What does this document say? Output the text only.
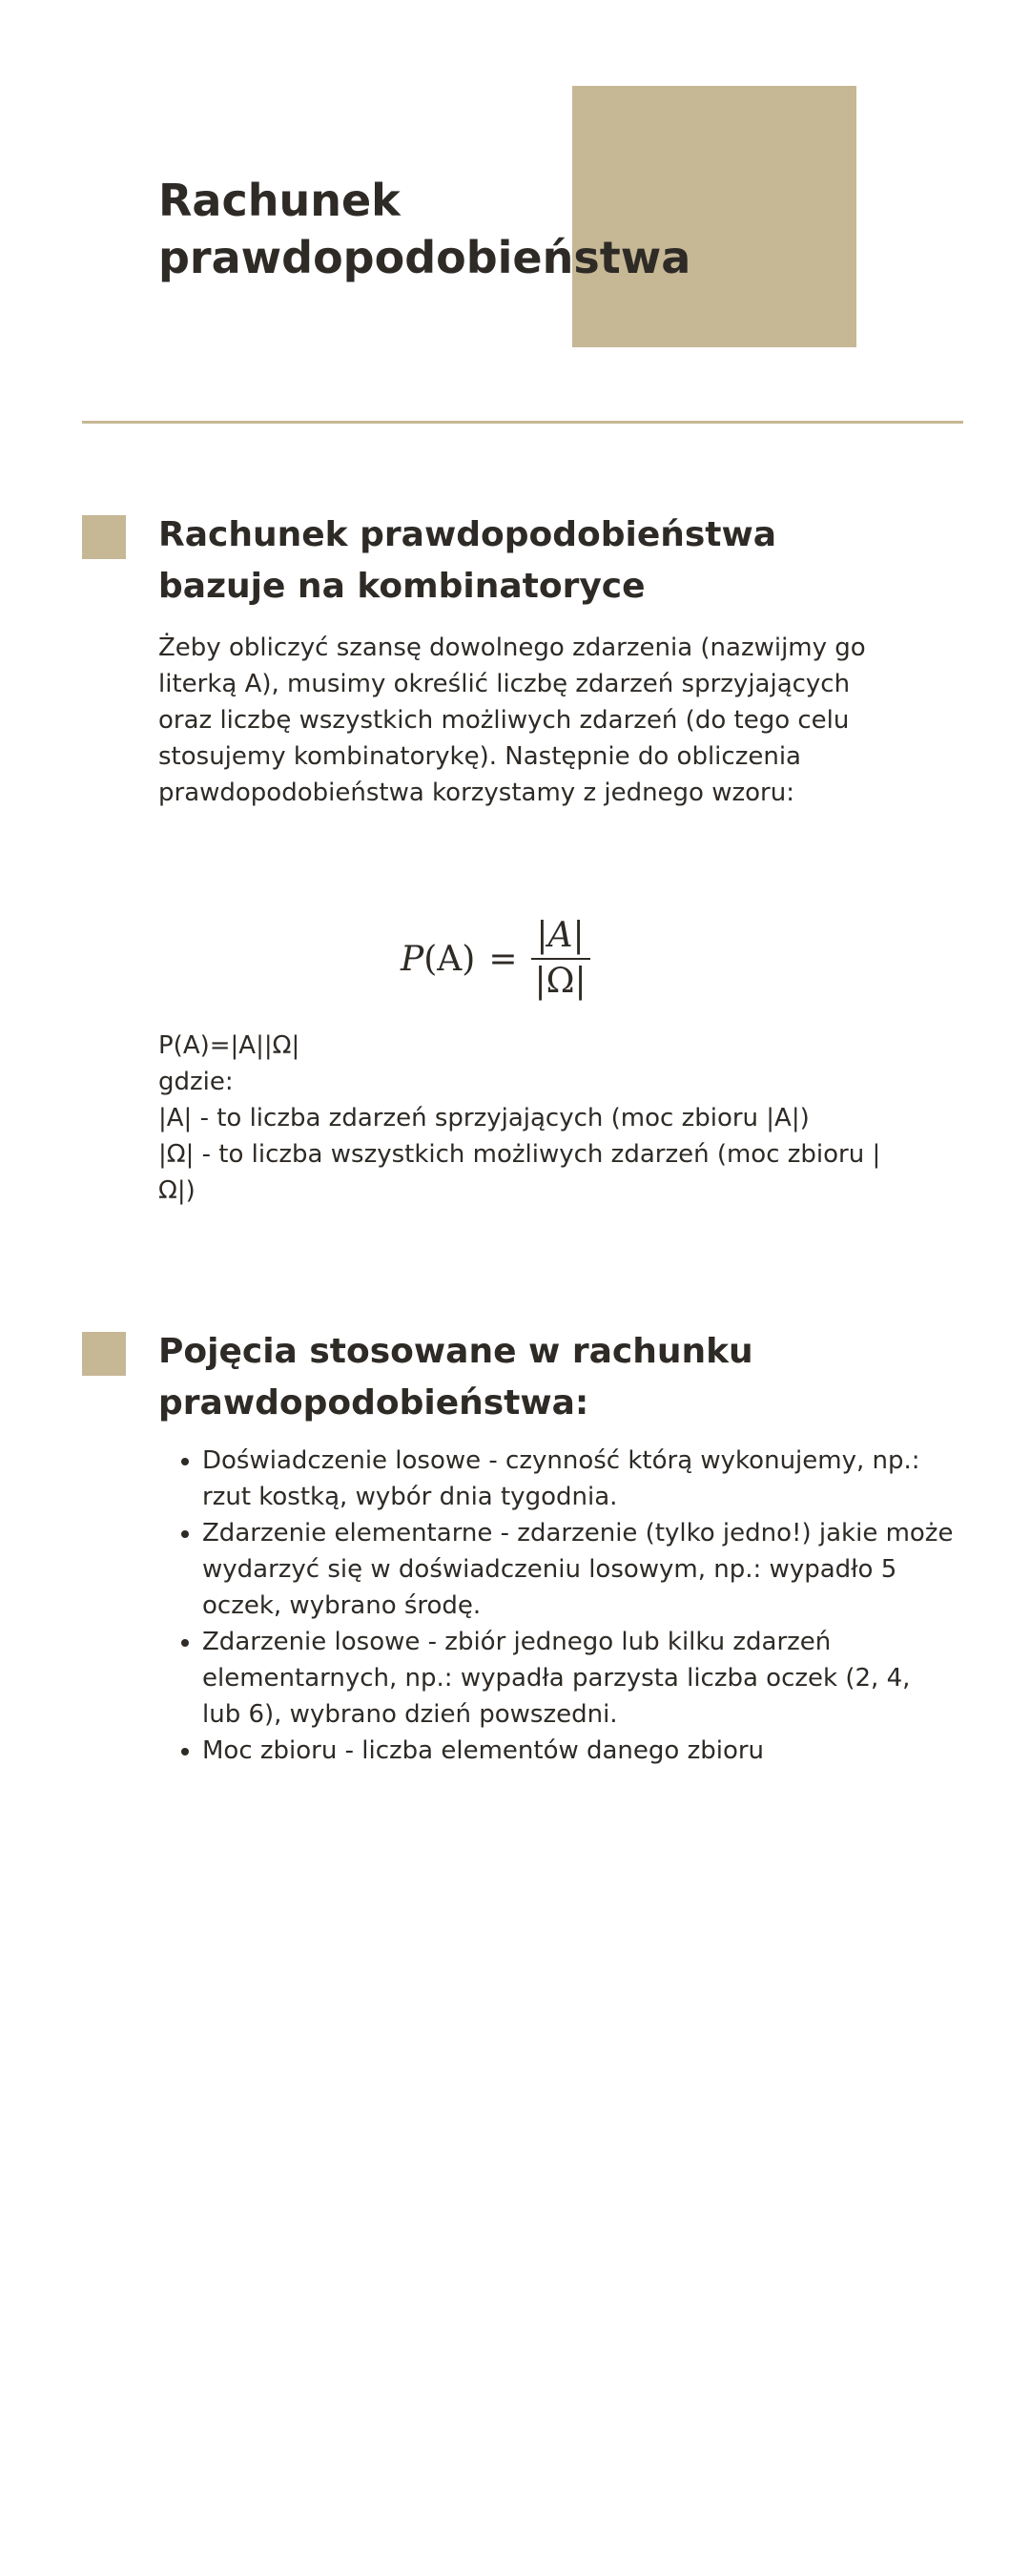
Rachunek
prawdopodobieństwa
Rachunek prawdopodobieństwa
bazuje na kombinatoryce

Żeby obliczyć szansę dowolnego zdarzenia (nazwijmy go literką A), musimy określić liczbę zdarzeń sprzyjających oraz liczbę wszystkich możliwych zdarzeń (do tego celu stosujemy kombinatorykę). Następnie do obliczenia prawdopodobieństwa korzystamy z jednego wzoru:

$P(A) = \frac{|A|}{|\Omega|}$
P(A)=|A||Ω|
gdzie:
|A| - to liczba zdarzeń sprzyjających (moc zbioru |A|)
|Ω| - to liczba wszystkich możliwych zdarzeń (moc zbioru |Ω|)
Pojęcia stosowane w rachunku
prawdopodobieństwa:
• Doświadczenie losowe - czynność którą wykonujemy, np.: rzut kostką, wybór dnia tygodnia.
• Zdarzenie elementarne - zdarzenie (tylko jedno!) jakie może wydarzyć się w doświadczeniu losowym, np.: wypadło 5 oczek, wybrano środę.
• Zdarzenie losowe - zbiór jednego lub kilku zdarzeń elementarnych, np.: wypadła parzysta liczba oczek (2, 4, lub 6), wybrano dzień powszedni.
• Moc zbioru - liczba elementów danego zbioru
